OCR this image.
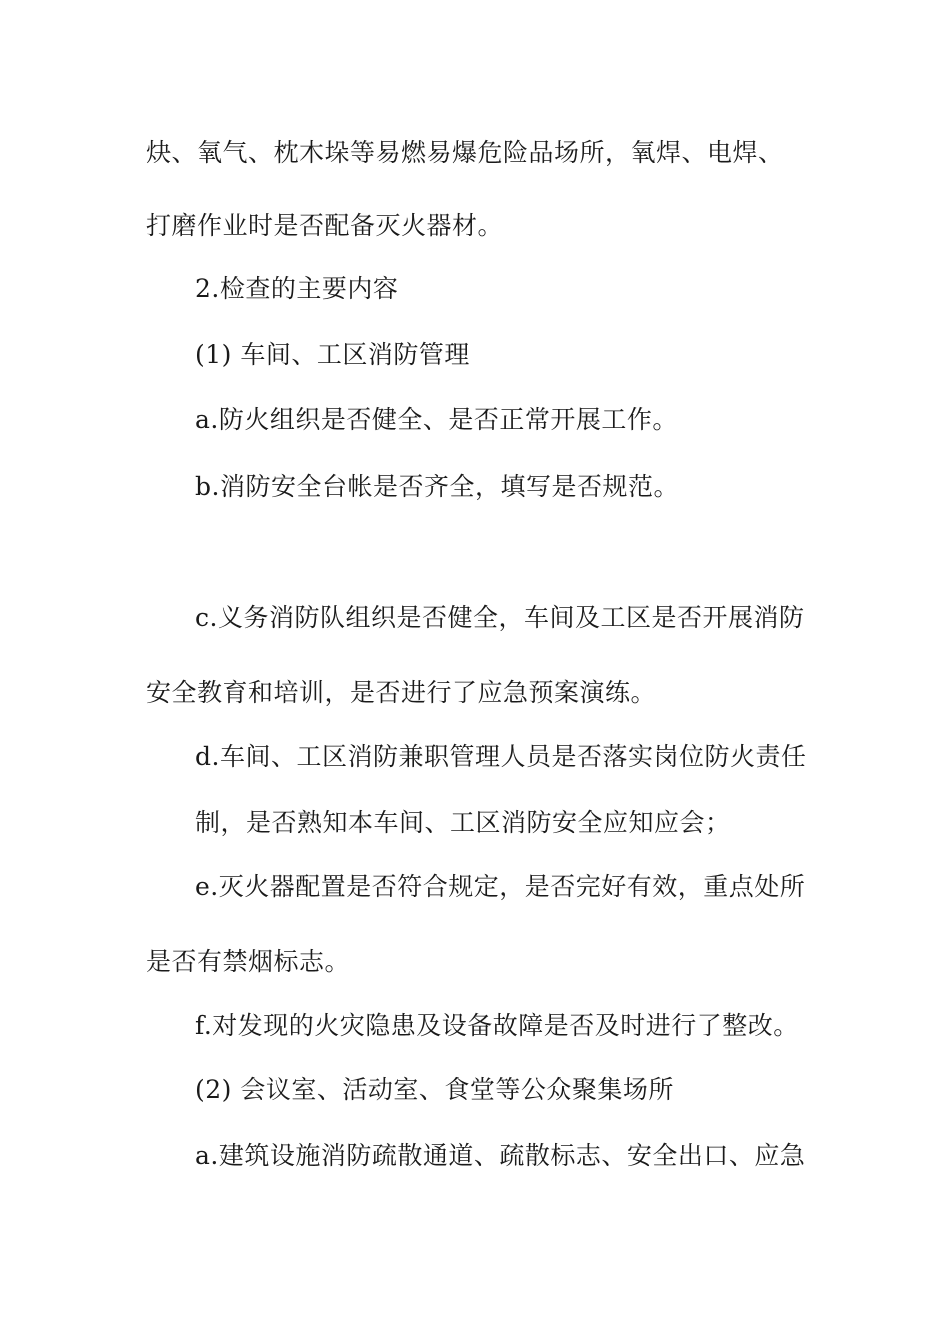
炔、氧气、枕木垛等易燃易爆危险品场所，氧焊、电焊、
打磨作业时是否配备灭火器材。
2.检查的主要内容
(1) 车间、工区消防管理
a.防火组织是否健全、是否正常开展工作。
b.消防安全台帐是否齐全，填写是否规范。
c.义务消防队组织是否健全，车间及工区是否开展消防
安全教育和培训，是否进行了应急预案演练。
d.车间、工区消防兼职管理人员是否落实岗位防火责任
制，是否熟知本车间、工区消防安全应知应会；
e.灭火器配置是否符合规定，是否完好有效，重点处所
是否有禁烟标志。
f.对发现的火灾隐患及设备故障是否及时进行了整改。
(2) 会议室、活动室、食堂等公众聚集场所
a.建筑设施消防疏散通道、疏散标志、安全出口、应急
